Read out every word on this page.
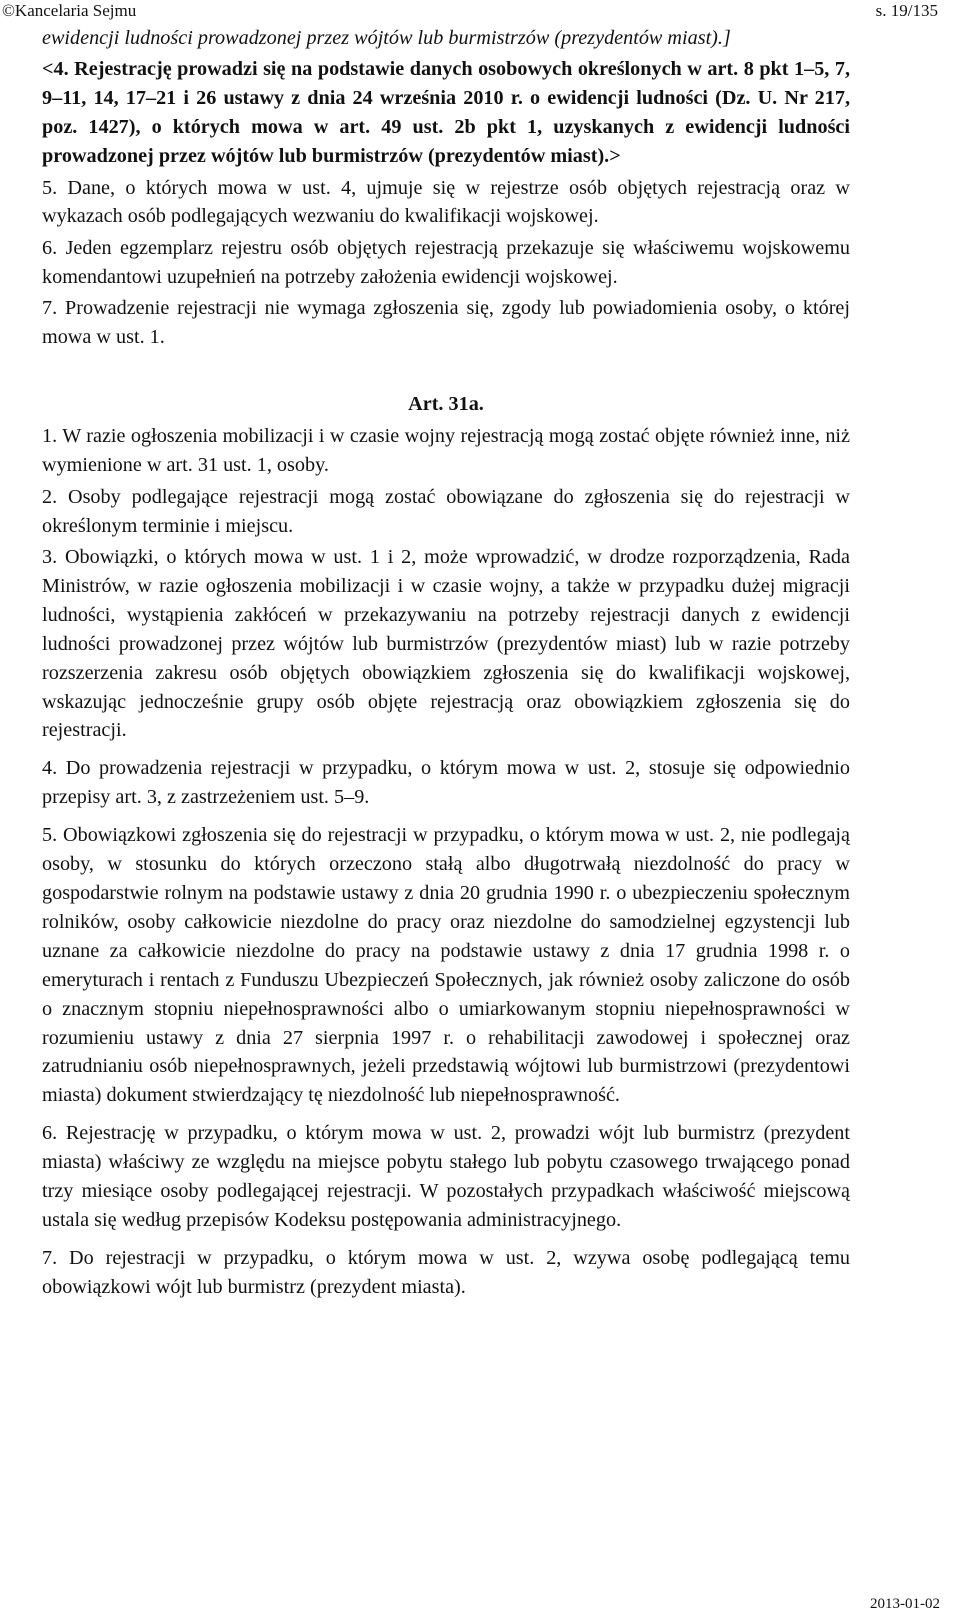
©Kancelaria Sejmu	s. 19/135

ewidencji ludności prowadzonej przez wójtów lub burmistrzów (prezydentów miast).]

<4. Rejestrację prowadzi się na podstawie danych osobowych określonych w art. 8 pkt 1–5, 7, 9–11, 14, 17–21 i 26 ustawy z dnia 24 września 2010 r. o ewidencji ludności (Dz. U. Nr 217, poz. 1427), o których mowa w art. 49 ust. 2b pkt 1, uzyskanych z ewidencji ludności prowadzonej przez wójtów lub burmistrzów (prezydentów miast).>

5. Dane, o których mowa w ust. 4, ujmuje się w rejestrze osób objętych rejestracją oraz w wykazach osób podlegających wezwaniu do kwalifikacji wojskowej.

6. Jeden egzemplarz rejestru osób objętych rejestracją przekazuje się właściwemu wojskowemu komendantowi uzupełnień na potrzeby założenia ewidencji wojskowej.

7. Prowadzenie rejestracji nie wymaga zgłoszenia się, zgody lub powiadomienia osoby, o której mowa w ust. 1.

Art. 31a.

1. W razie ogłoszenia mobilizacji i w czasie wojny rejestracją mogą zostać objęte również inne, niż wymienione w art. 31 ust. 1, osoby.

2. Osoby podlegające rejestracji mogą zostać obowiązane do zgłoszenia się do rejestracji w określonym terminie i miejscu.

3. Obowiązki, o których mowa w ust. 1 i 2, może wprowadzić, w drodze rozporządzenia, Rada Ministrów, w razie ogłoszenia mobilizacji i w czasie wojny, a także w przypadku dużej migracji ludności, wystąpienia zakłóceń w przekazywaniu na potrzeby rejestracji danych z ewidencji ludności prowadzonej przez wójtów lub burmistrzów (prezydentów miast) lub w razie potrzeby rozszerzenia zakresu osób objętych obowiązkiem zgłoszenia się do kwalifikacji wojskowej, wskazując jednocześnie grupy osób objęte rejestracją oraz obowiązkiem zgłoszenia się do rejestracji.

4. Do prowadzenia rejestracji w przypadku, o którym mowa w ust. 2, stosuje się odpowiednio przepisy art. 3, z zastrzeżeniem ust. 5–9.

5. Obowiązkowi zgłoszenia się do rejestracji w przypadku, o którym mowa w ust. 2, nie podlegają osoby, w stosunku do których orzeczono stałą albo długotrwałą niezdolność do pracy w gospodarstwie rolnym na podstawie ustawy z dnia 20 grudnia 1990 r. o ubezpieczeniu społecznym rolników, osoby całkowicie niezdolne do pracy oraz niezdolne do samodzielnej egzystencji lub uznane za całkowicie niezdolne do pracy na podstawie ustawy z dnia 17 grudnia 1998 r. o emeryturach i rentach z Funduszu Ubezpieczeń Społecznych, jak również osoby zaliczone do osób o znacznym stopniu niepełnosprawności albo o umiarkowanym stopniu niepełnosprawności w rozumieniu ustawy z dnia 27 sierpnia 1997 r. o rehabilitacji zawodowej i społecznej oraz zatrudnianiu osób niepełnosprawnych, jeżeli przedstawią wójtowi lub burmistrzowi (prezydentowi miasta) dokument stwierdzający tę niezdolność lub niepełnosprawność.

6. Rejestrację w przypadku, o którym mowa w ust. 2, prowadzi wójt lub burmistrz (prezydent miasta) właściwy ze względu na miejsce pobytu stałego lub pobytu czasowego trwającego ponad trzy miesiące osoby podlegającej rejestracji. W pozostałych przypadkach właściwość miejscową ustala się według przepisów Kodeksu postępowania administracyjnego.

7. Do rejestracji w przypadku, o którym mowa w ust. 2, wzywa osobę podlegającą temu obowiązkowi wójt lub burmistrz (prezydent miasta).

2013-01-02
